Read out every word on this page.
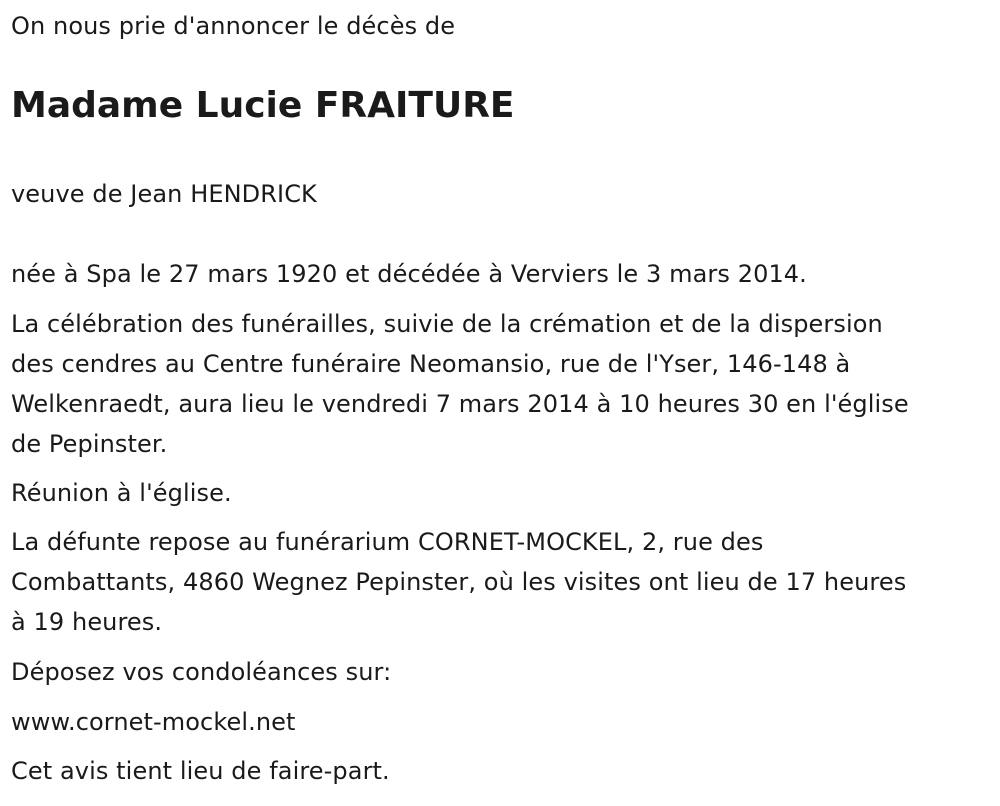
On nous prie d'annoncer le décès de

Madame Lucie FRAITURE

veuve de Jean HENDRICK

née à Spa le 27 mars 1920 et décédée à Verviers le 3 mars 2014.

La célébration des funérailles, suivie de la crémation et de la dispersion
des cendres au Centre funéraire Neomansio, rue de l'Yser, 146-148 à
Welkenraedt, aura lieu le vendredi 7 mars 2014 à 10 heures 30 en l'église
de Pepinster.

Réunion à l'église.

La défunte repose au funérarium CORNET-MOCKEL, 2, rue des
Combattants, 4860 Wegnez Pepinster, où les visites ont lieu de 17 heures
à 19 heures.

Déposez vos condoléances sur:

www.cornet-mockel.net

Cet avis tient lieu de faire-part.
